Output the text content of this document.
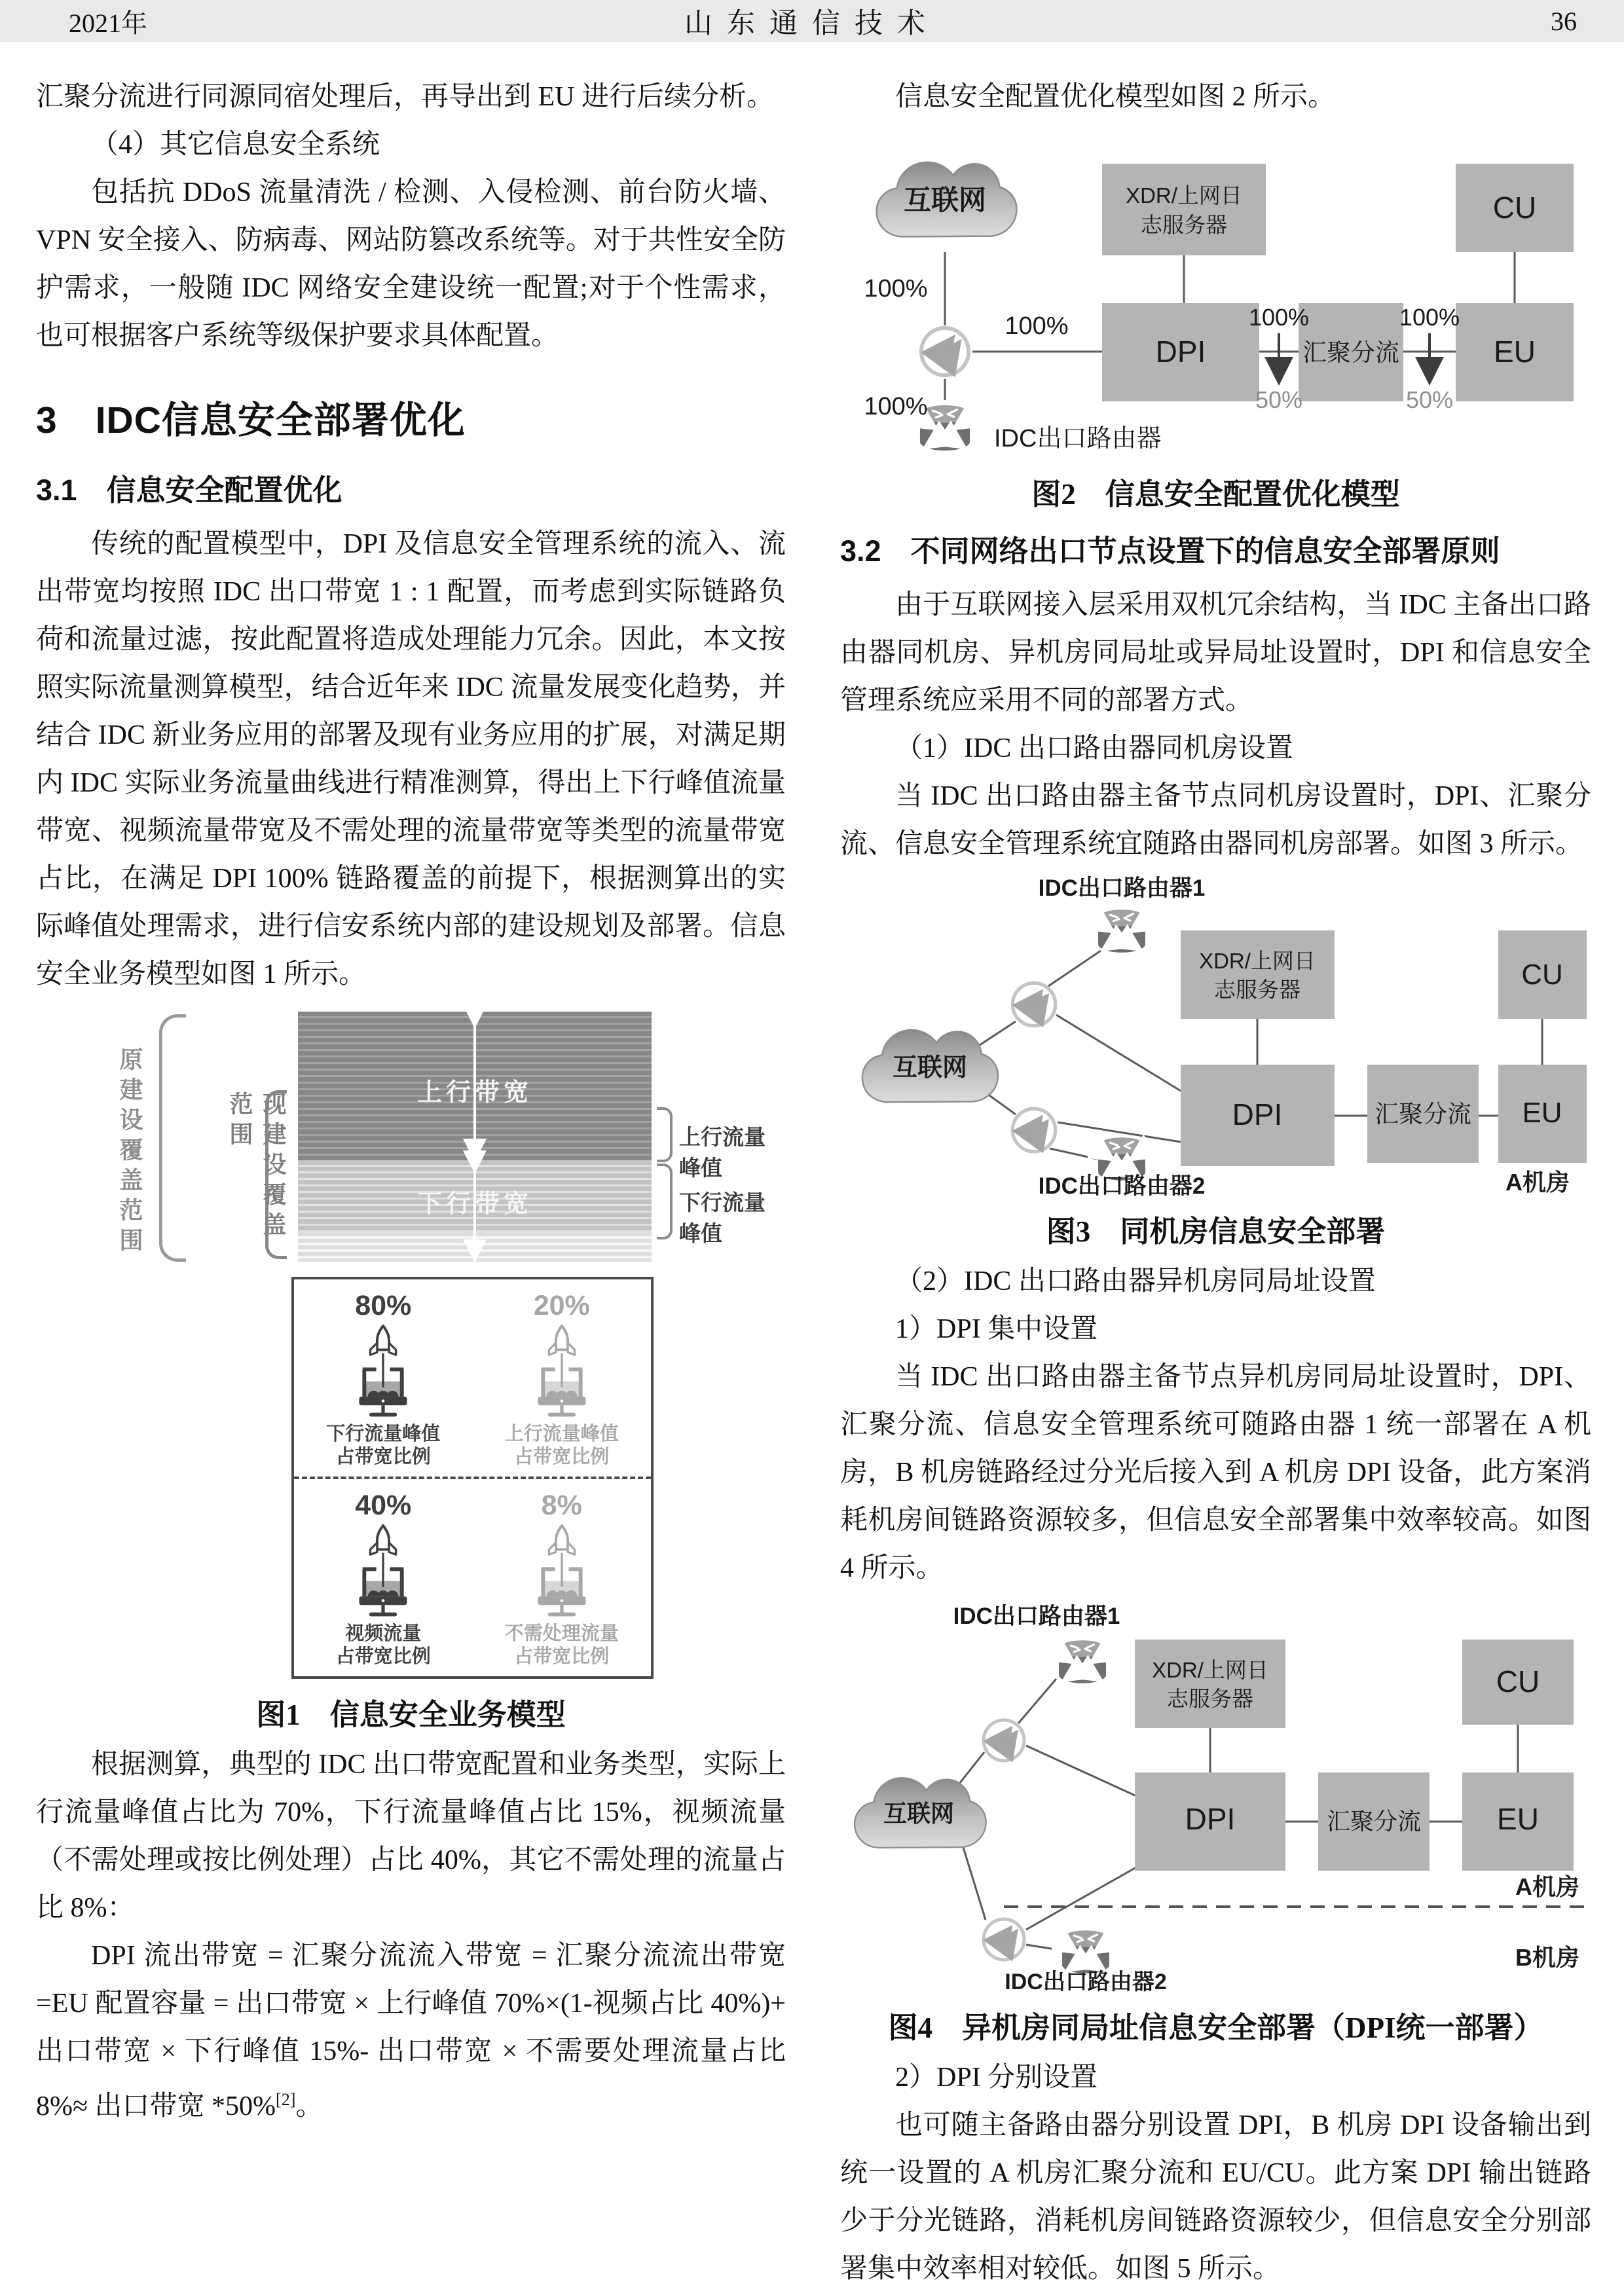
2021年	山东通信技术	36

汇聚分流进行同源同宿处理后，再导出到 EU 进行后续分析。

（4）其它信息安全系统

包括抗 DDoS 流量清洗 / 检测、入侵检测、前台防火墙、VPN 安全接入、防病毒、网站防篡改系统等。对于共性安全防护需求，一般随 IDC 网络安全建设统一配置;对于个性需求，也可根据客户系统等级保护要求具体配置。

3　IDC信息安全部署优化
3.1　信息安全配置优化

传统的配置模型中，DPI 及信息安全管理系统的流入、流出带宽均按照 IDC 出口带宽 1 : 1 配置，而考虑到实际链路负荷和流量过滤，按此配置将造成处理能力冗余。因此，本文按照实际流量测算模型，结合近年来 IDC 流量发展变化趋势，并结合 IDC 新业务应用的部署及现有业务应用的扩展，对满足期内 IDC 实际业务流量曲线进行精准测算，得出上下行峰值流量带宽、视频流量带宽及不需处理的流量带宽等类型的流量带宽占比，在满足 DPI 100% 链路覆盖的前提下，根据测算出的实际峰值处理需求，进行信安系统内部的建设规划及部署。信息安全业务模型如图 1 所示。

原建设覆盖范围	现建设覆盖范围	上行带宽
下行带宽
上行流量峰值
下行流量峰值
80%
下行流量峰值
占带宽比例
20%
上行流量峰值
占带宽比例
40%
视频流量
占带宽比例
8%
不需处理流量
占带宽比例
图1　信息安全业务模型

根据测算，典型的 IDC 出口带宽配置和业务类型，实际上行流量峰值占比为 70%，下行流量峰值占比 15%，视频流量（不需处理或按比例处理）占比 40%，其它不需处理的流量占比 8%：

DPI 流出带宽 = 汇聚分流流入带宽 = 汇聚分流流出带宽 =EU 配置容量 = 出口带宽 × 上行峰值 70%×(1-视频占比 40%)+ 出口带宽 × 下行峰值 15%- 出口带宽 × 不需要处理流量占比 8%≈ 出口带宽 *50%[2]。

信息安全配置优化模型如图 2 所示。

互联网
IDC出口路由器
XDR/上网日
志服务器
DPI	汇聚分流	EU
CU
100%
100%
100%
100%
50%
100%
50%
图2　信息安全配置优化模型
3.2　不同网络出口节点设置下的信息安全部署原则

由于互联网接入层采用双机冗余结构，当 IDC 主备出口路由器同机房、异机房同局址或异局址设置时，DPI 和信息安全管理系统应采用不同的部署方式。

（1）IDC 出口路由器同机房设置

当 IDC 出口路由器主备节点同机房设置时，DPI、汇聚分流、信息安全管理系统宜随路由器同机房部署。如图 3 所示。

IDC出口路由器1
互联网
IDC出口路由器2
XDR/上网日
志服务器
DPI	汇聚分流 EU
CU
A机房
图3　同机房信息安全部署

（2）IDC 出口路由器异机房同局址设置

1）DPI 集中设置

当 IDC 出口路由器主备节点异机房同局址设置时，DPI、汇聚分流、信息安全管理系统可随路由器 1 统一部署在 A 机房，B 机房链路经过分光后接入到 A 机房 DPI 设备，此方案消耗机房间链路资源较多，但信息安全部署集中效率较高。如图 4 所示。

IDC出口路由器1
互联网
IDC出口路由器2
XDR/上网日
志服务器
DPI	汇聚分流	EU
CU
A机房
B机房
图4　异机房同局址信息安全部署（DPI统一部署）

2）DPI 分别设置

也可随主备路由器分别设置 DPI，B 机房 DPI 设备输出到统一设置的 A 机房汇聚分流和 EU/CU。此方案 DPI 输出链路少于分光链路，消耗机房间链路资源较少，但信息安全分别部署集中效率相对较低。如图 5 所示。
